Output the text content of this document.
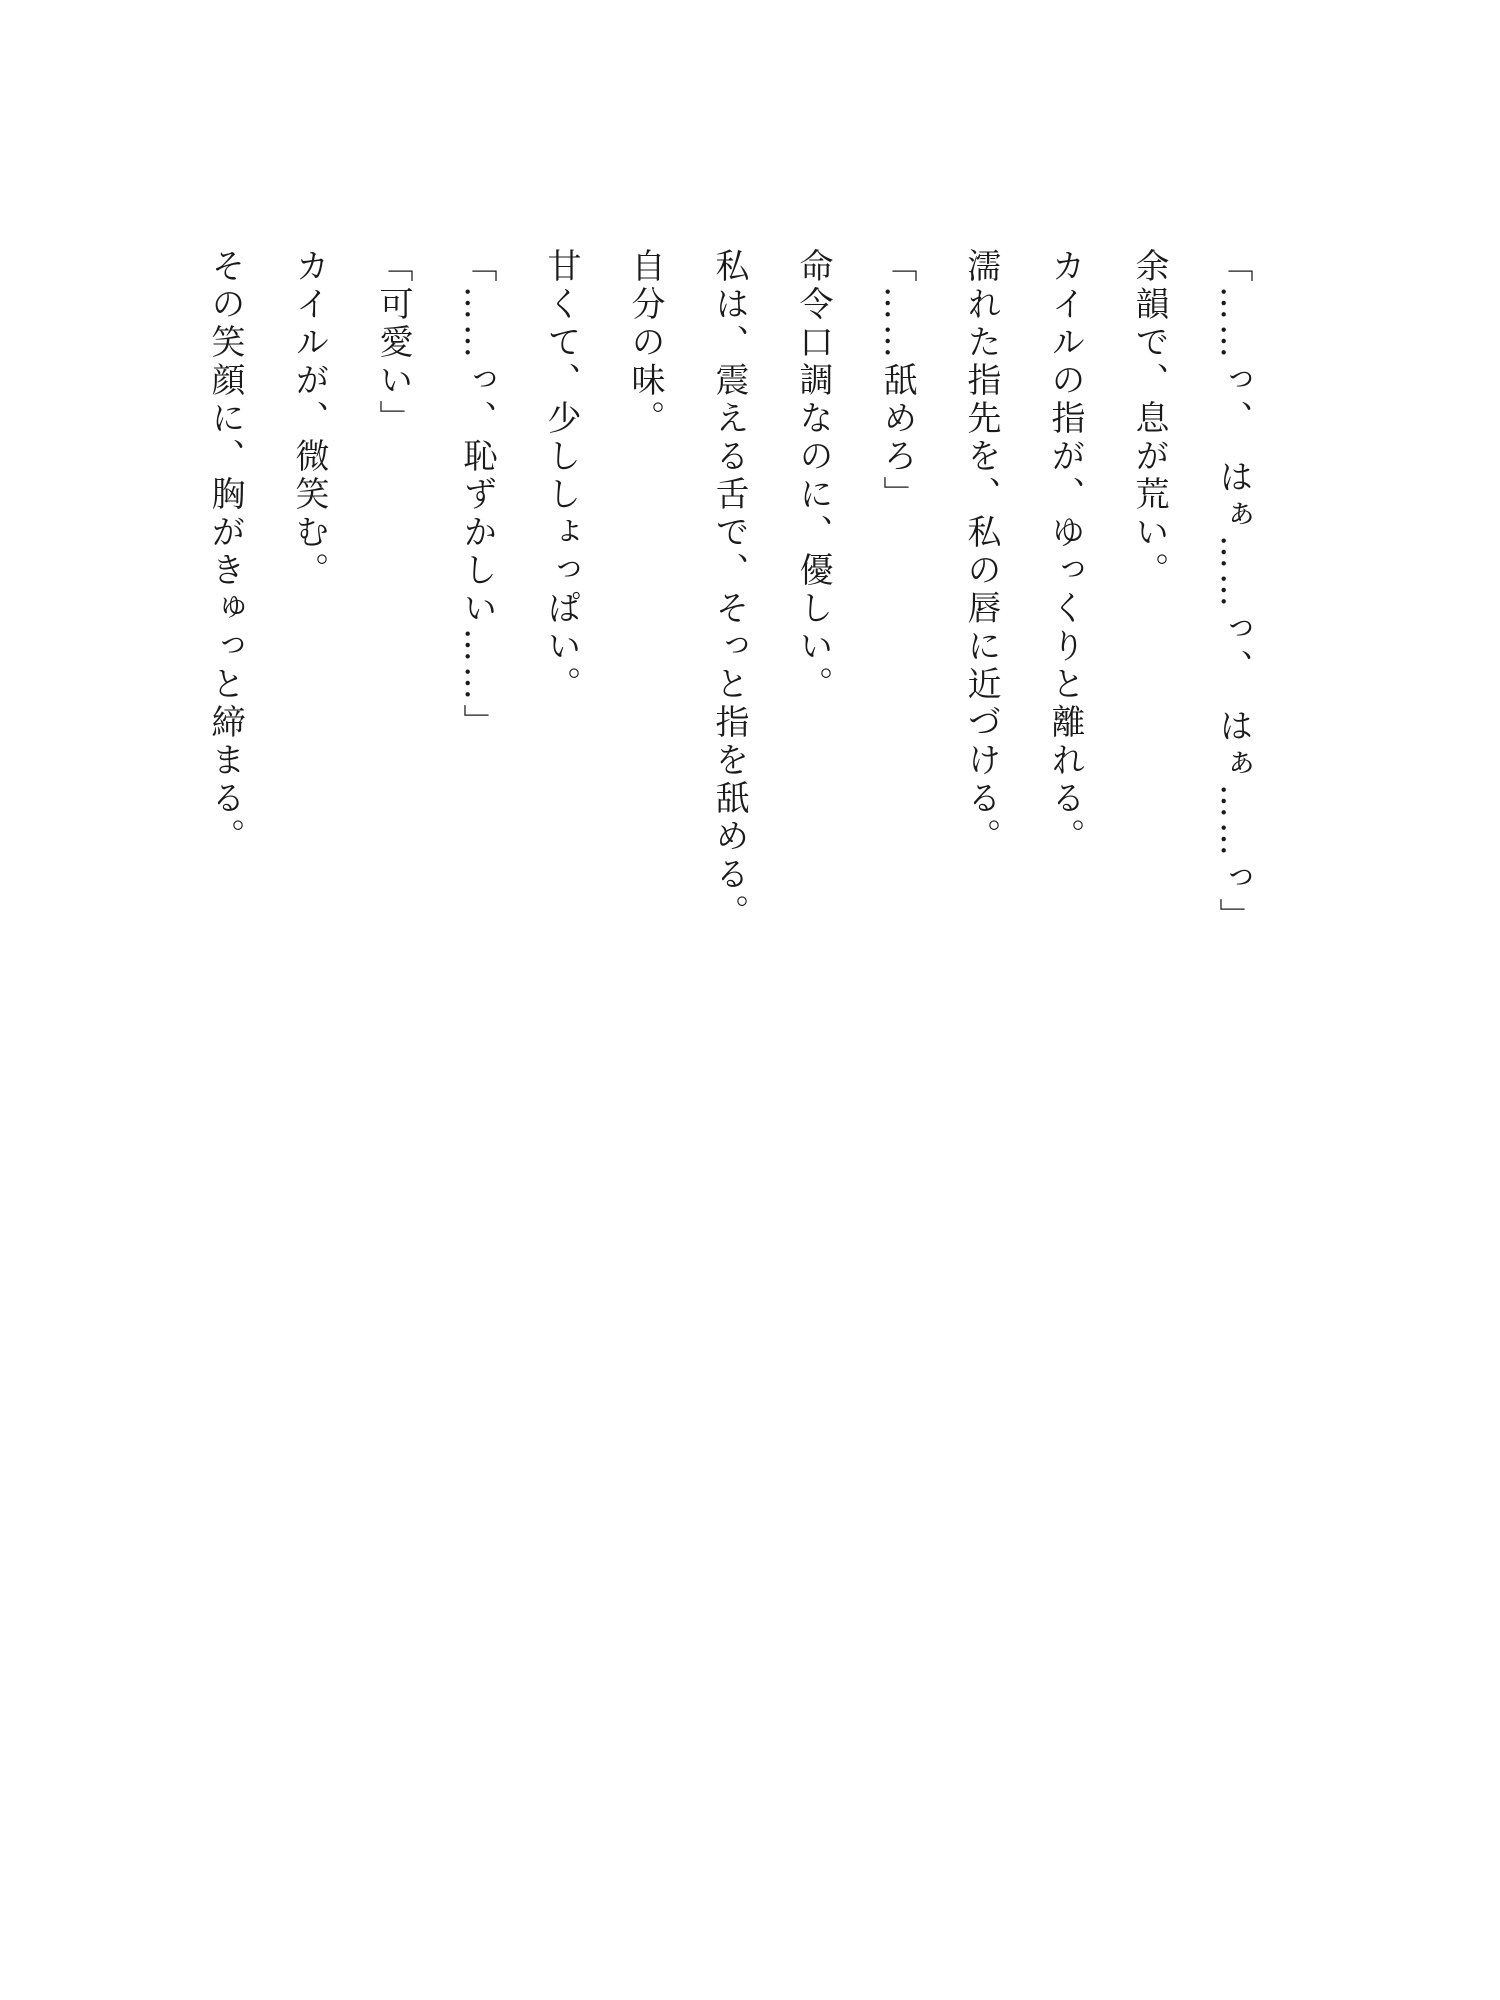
「……っ、　はぁ……っ、　はぁ……っ」

余韻で、息が荒い。

カイルの指が、ゆっくりと離れる。

濡れた指先を、私の唇に近づける。

「……舐めろ」

命令口調なのに、優しい。

私は、震える舌で、そっと指を舐める。

自分の味。

甘くて、少ししょっぱい。

「……っ、恥ずかしい……」

「可愛い」

カイルが、微笑む。

その笑顔に、胸がきゅっと締まる。
